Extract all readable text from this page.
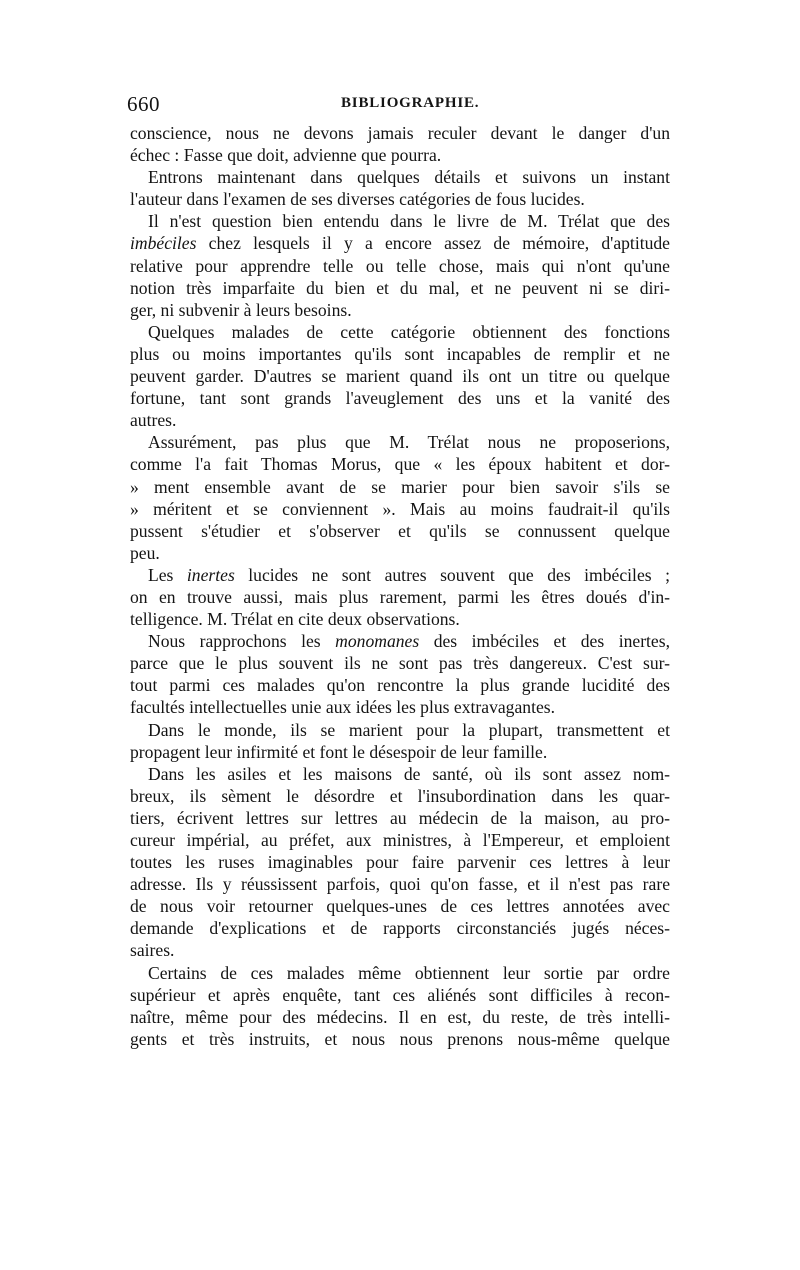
660	BIBLIOGRAPHIE.
conscience, nous ne devons jamais reculer devant le danger d'un
échec : Fasse que doit, advienne que pourra.
Entrons maintenant dans quelques détails et suivons un instant
l'auteur dans l'examen de ses diverses catégories de fous lucides.
Il n'est question bien entendu dans le livre de M. Trélat que des
imbéciles chez lesquels il y a encore assez de mémoire, d'aptitude
relative pour apprendre telle ou telle chose, mais qui n'ont qu'une
notion très imparfaite du bien et du mal, et ne peuvent ni se diri-
ger, ni subvenir à leurs besoins.
Quelques malades de cette catégorie obtiennent des fonctions
plus ou moins importantes qu'ils sont incapables de remplir et ne
peuvent garder. D'autres se marient quand ils ont un titre ou quelque
fortune, tant sont grands l'aveuglement des uns et la vanité des
autres.
Assurément, pas plus que M. Trélat nous ne proposerions,
comme l'a fait Thomas Morus, que « les époux habitent et dor-
» ment ensemble avant de se marier pour bien savoir s'ils se
» méritent et se conviennent ». Mais au moins faudrait-il qu'ils
pussent s'étudier et s'observer et qu'ils se connussent quelque
peu.
Les inertes lucides ne sont autres souvent que des imbéciles ;
on en trouve aussi, mais plus rarement, parmi les êtres doués d'in-
telligence. M. Trélat en cite deux observations.
Nous rapprochons les monomanes des imbéciles et des inertes,
parce que le plus souvent ils ne sont pas très dangereux. C'est sur-
tout parmi ces malades qu'on rencontre la plus grande lucidité des
facultés intellectuelles unie aux idées les plus extravagantes.
Dans le monde, ils se marient pour la plupart, transmettent et
propagent leur infirmité et font le désespoir de leur famille.
Dans les asiles et les maisons de santé, où ils sont assez nom-
breux, ils sèment le désordre et l'insubordination dans les quar-
tiers, écrivent lettres sur lettres au médecin de la maison, au pro-
cureur impérial, au préfet, aux ministres, à l'Empereur, et emploient
toutes les ruses imaginables pour faire parvenir ces lettres à leur
adresse. Ils y réussissent parfois, quoi qu'on fasse, et il n'est pas rare
de nous voir retourner quelques-unes de ces lettres annotées avec
demande d'explications et de rapports circonstanciés jugés néces-
saires.
Certains de ces malades même obtiennent leur sortie par ordre
supérieur et après enquête, tant ces aliénés sont difficiles à recon-
naître, même pour des médecins. Il en est, du reste, de très intelli-
gents et très instruits, et nous nous prenons nous-même quelque
